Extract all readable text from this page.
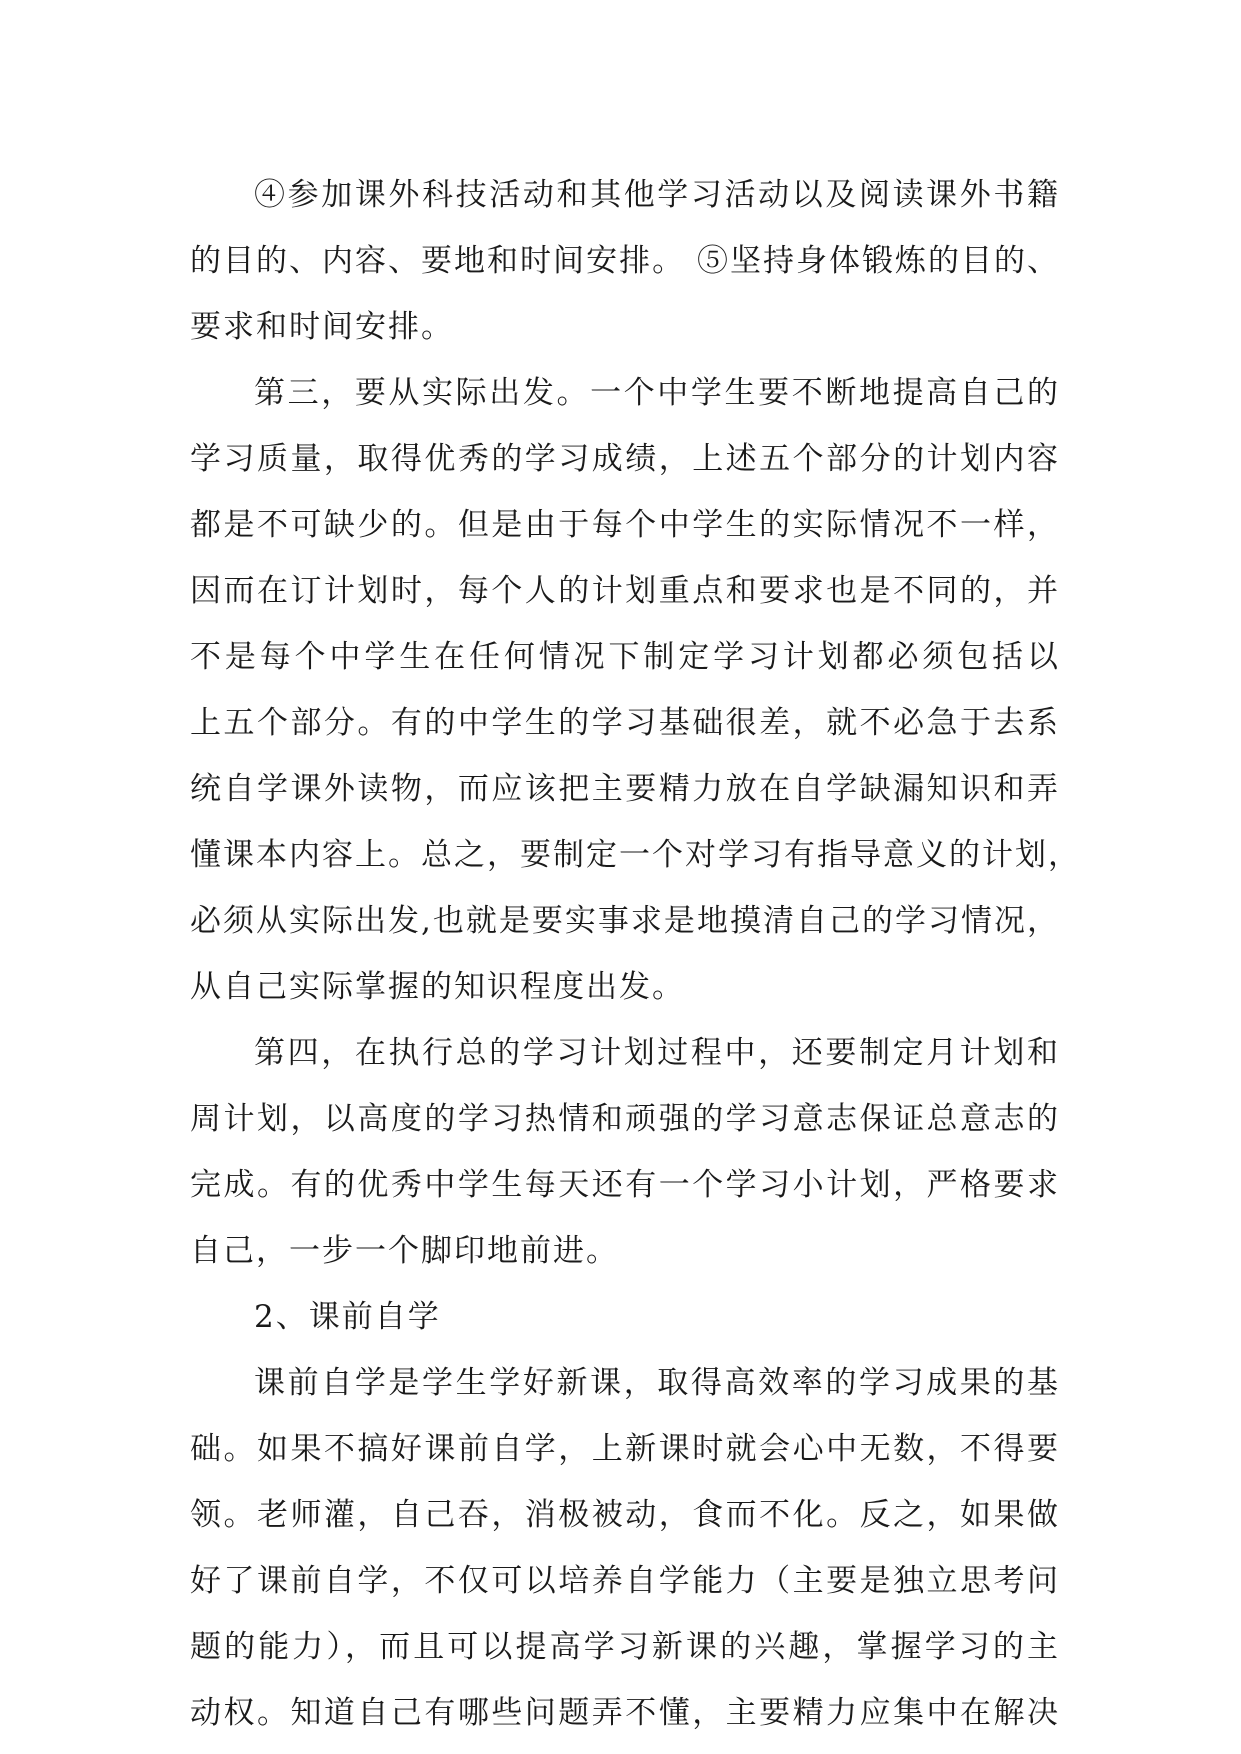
④参加课外科技活动和其他学习活动以及阅读课外书籍
的目的、内容、要地和时间安排。 ⑤坚持身体锻炼的目的、
要求和时间安排。
第三，要从实际出发。一个中学生要不断地提高自己的
学习质量，取得优秀的学习成绩，上述五个部分的计划内容
都是不可缺少的。但是由于每个中学生的实际情况不一样，
因而在订计划时，每个人的计划重点和要求也是不同的，并
不是每个中学生在任何情况下制定学习计划都必须包括以
上五个部分。有的中学生的学习基础很差，就不必急于去系
统自学课外读物，而应该把主要精力放在自学缺漏知识和弄
懂课本内容上。总之，要制定一个对学习有指导意义的计划，
必须从实际出发,也就是要实事求是地摸清自己的学习情况，
从自己实际掌握的知识程度出发。
第四，在执行总的学习计划过程中，还要制定月计划和
周计划，以高度的学习热情和顽强的学习意志保证总意志的
完成。有的优秀中学生每天还有一个学习小计划，严格要求
自己，一步一个脚印地前进。
2、课前自学
课前自学是学生学好新课，取得高效率的学习成果的基
础。如果不搞好课前自学，上新课时就会心中无数，不得要
领。老师灌，自己吞，消极被动，食而不化。反之，如果做
好了课前自学，不仅可以培养自学能力（主要是独立思考问
题的能力），而且可以提高学习新课的兴趣，掌握学习的主
动权。知道自己有哪些问题弄不懂，主要精力应集中在解决
